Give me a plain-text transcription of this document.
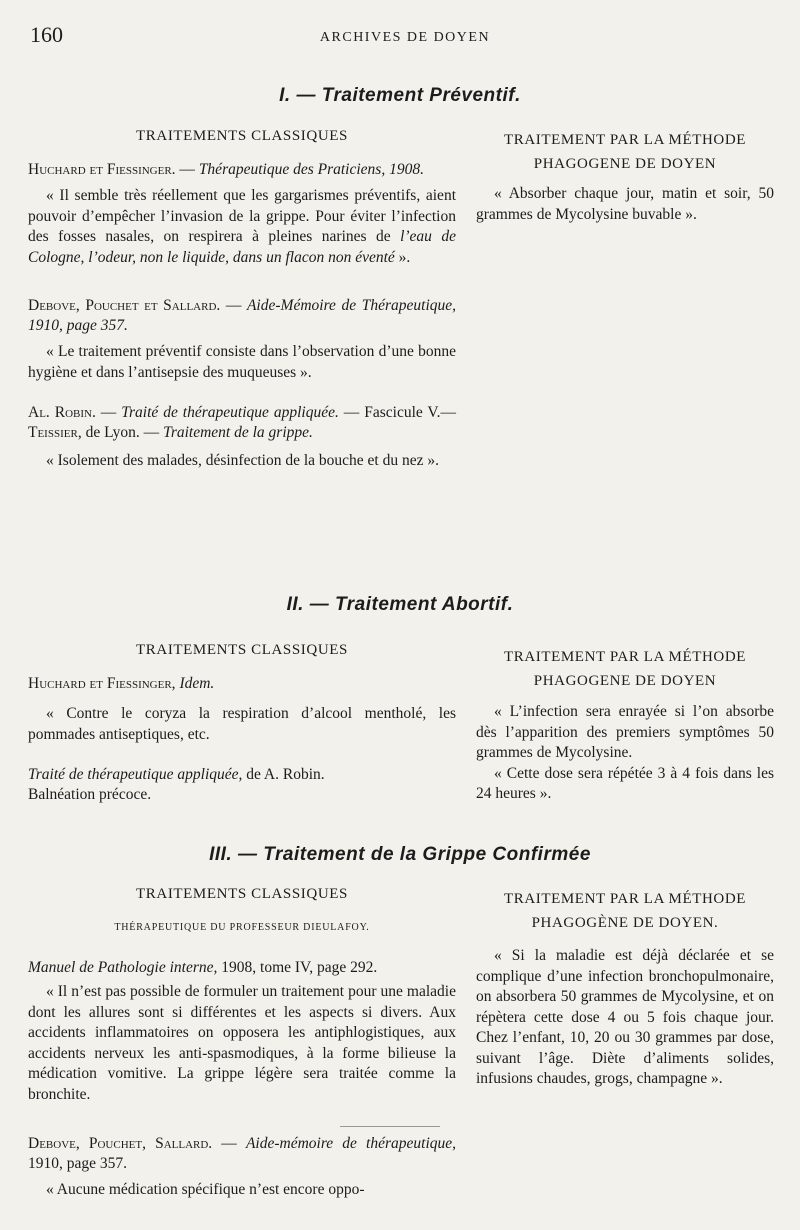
160	ARCHIVES DE DOYEN
I. — Traitement Préventif.
TRAITEMENTS CLASSIQUES	TRAITEMENT PAR LA MÉTHODE
PHAGOGENE DE DOYEN
Huchard et Fiessinger. — Thérapeutique des Praticiens, 1908.
« Il semble très réellement que les gargarismes préventifs, aient pouvoir d’empêcher l’invasion de la grippe. Pour éviter l’infection des fosses nasales, on respirera à pleines narines de l’eau de Cologne, l’odeur, non le liquide, dans un flacon non éventé ».
Debove, Pouchet et Sallard. — Aide-Mémoire de Thérapeutique, 1910, page 357.
« Le traitement préventif consiste dans l’observation d’une bonne hygiène et dans l’antisepsie des muqueuses ».
Al. Robin. — Traité de thérapeutique appliquée. — Fascicule V.— Teissier, de Lyon. — Traitement de la grippe.
« Isolement des malades, désinfection de la bouche et du nez ».
« Absorber chaque jour, matin et soir, 50 grammes de Mycolysine buvable ».
II. — Traitement Abortif.
TRAITEMENTS CLASSIQUES	TRAITEMENT PAR LA MÉTHODE
PHAGOGENE DE DOYEN
Huchard et Fiessinger, Idem.
« Contre le coryza la respiration d’alcool mentholé, les pommades antiseptiques, etc.
Traité de thérapeutique appliquée, de A. Robin.
Balnéation précoce.
« L’infection sera enrayée si l’on absorbe dès l’apparition des premiers symptômes 50 grammes de Mycolysine.
« Cette dose sera répétée 3 à 4 fois dans les 24 heures ».
III. — Traitement de la Grippe Confirmée
TRAITEMENTS CLASSIQUES
THÉRAPEUTIQUE DU PROFESSEUR DIEULAFOY.
TRAITEMENT PAR LA MÉTHODE
PHAGOGÈNE DE DOYEN.
Manuel de Pathologie interne, 1908, tome IV, page 292.
« Il n’est pas possible de formuler un traitement pour une maladie dont les allures sont si différentes et les aspects si divers. Aux accidents inflammatoires on opposera les antiphlogistiques, aux accidents nerveux les anti-spasmodiques, à la forme bilieuse la médication vomitive. La grippe légère sera traitée comme la bronchite.
Debove, Pouchet, Sallard. — Aide-mémoire de thérapeutique, 1910, page 357.
« Aucune médication spécifique n’est encore oppo-
« Si la maladie est déjà déclarée et se complique d’une infection bronchopulmonaire, on absorbera 50 grammes de Mycolysine, et on répètera cette dose 4 ou 5 fois chaque jour. Chez l’enfant, 10, 20 ou 30 grammes par dose, suivant l’âge. Diète d’aliments solides, infusions chaudes, grogs, champagne ».
